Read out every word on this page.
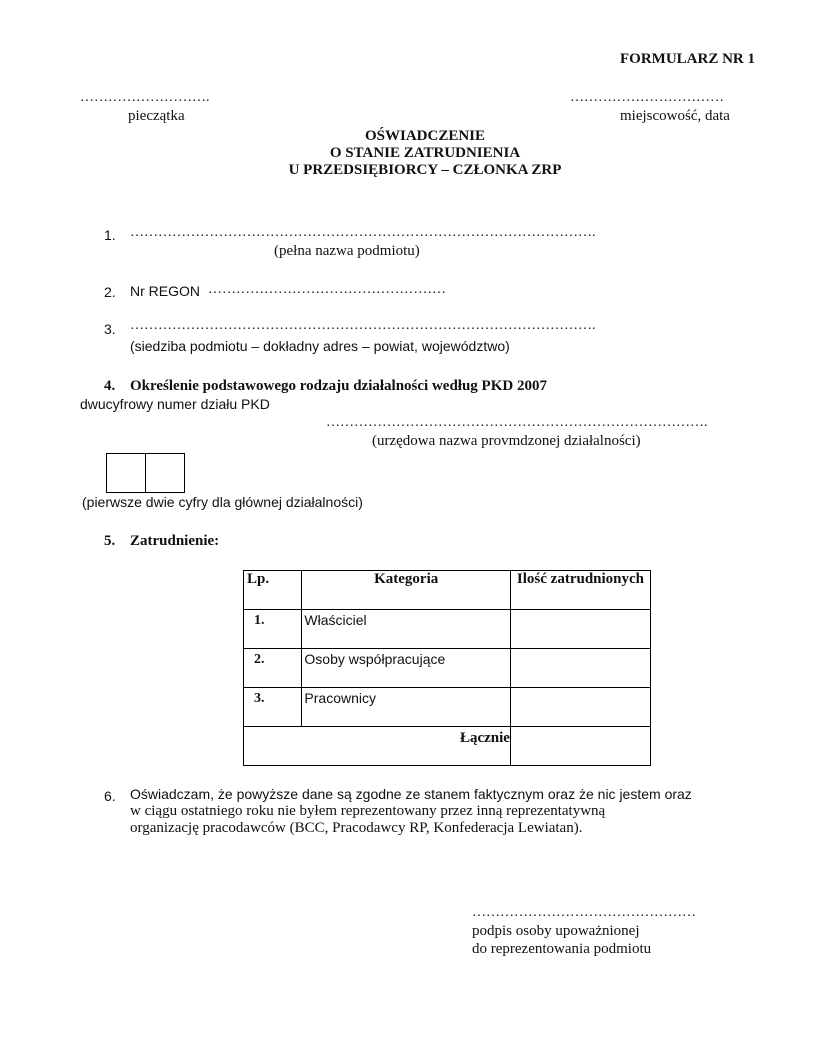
FORMULARZ NR 1
……………………….
pieczątka
……………………………
miejscowość, data
OŚWIADCZENIE
O STANIE ZATRUDNIENIA
U PRZEDSIĘBIORCY – CZŁONKA ZRP
1. ……………………………………………………………………………………….
(pełna nazwa podmiotu)
2. Nr REGON ……………………………………………
3. ……………………………………………………………………………………….
(siedziba podmiotu – dokładny adres – powiat, województwo)
4. Określenie podstawowego rodzaju działalności według PKD 2007
dwucyfrowy numer działu PKD
……………………………………………………………………….
(urzędowa nazwa provmdzonej działalności)
(pierwsze dwie cyfry dla głównej działalności)
5. Zatrudnienie:
Lp.	Kategoria	Ilość zatrudnionych
1.	Właściciel	
2.	Osoby współpracujące	
3.	Pracownicy	
Łącznie		
6. Oświadczam, że powyższe dane są zgodne ze stanem faktycznym oraz że nic jestem oraz
w ciągu ostatniego roku nie byłem reprezentowany przez inną reprezentatywną
organizację pracodawców (BCC, Pracodawcy RP, Konfederacja Lewiatan).
…………………………………………
podpis osoby upoważnionej
do reprezentowania podmiotu
